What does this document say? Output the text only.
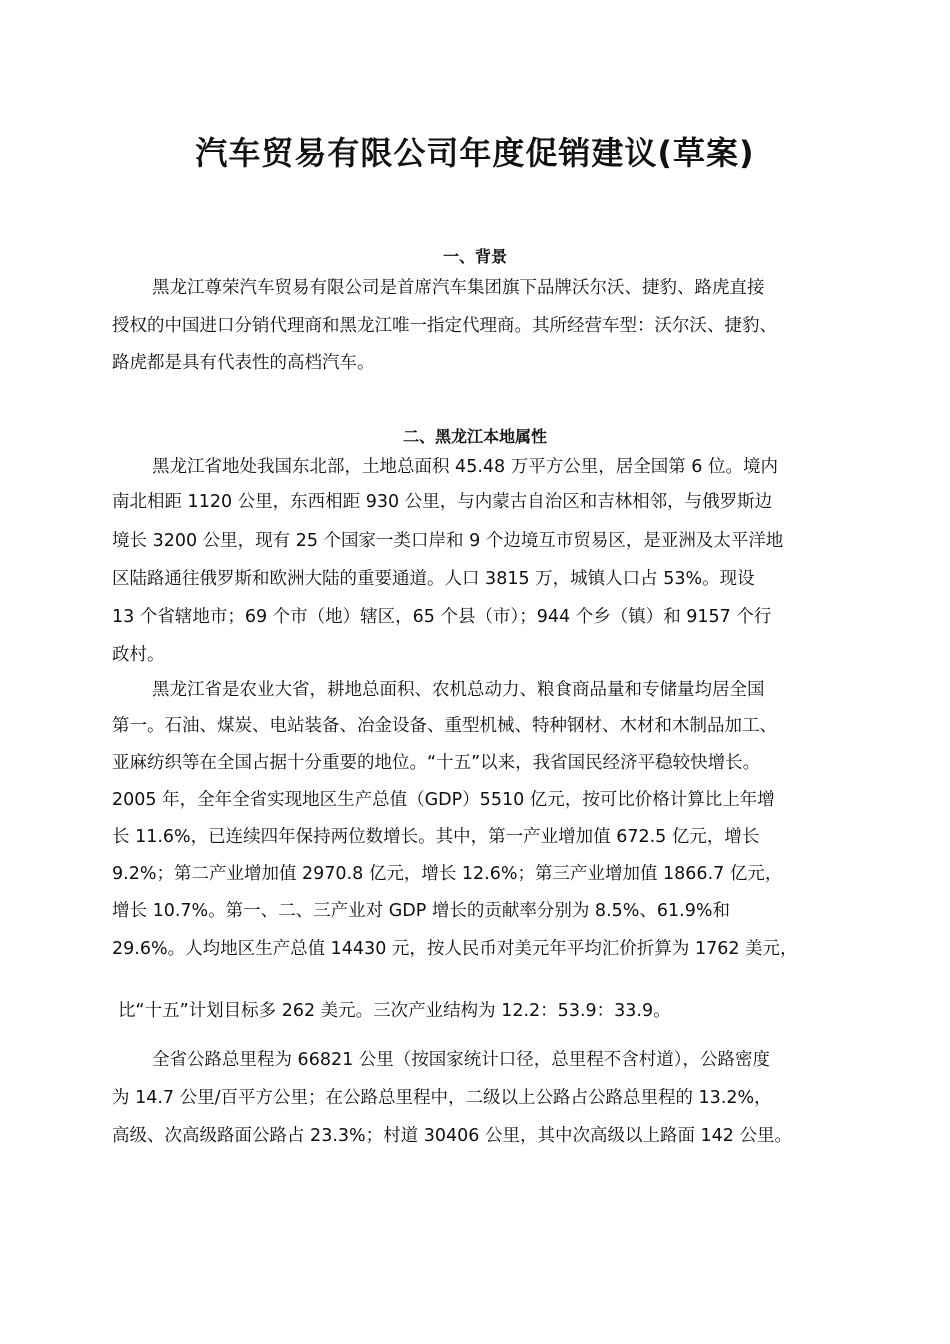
汽车贸易有限公司年度促销建议(草案)
一、背景
黑龙江尊荣汽车贸易有限公司是首席汽车集团旗下品牌沃尔沃、捷豹、路虎直接
授权的中国进口分销代理商和黑龙江唯一指定代理商。其所经营车型：沃尔沃、捷豹、
路虎都是具有代表性的高档汽车。
二、黑龙江本地属性
黑龙江省地处我国东北部，土地总面积 45.48 万平方公里，居全国第 6 位。境内
南北相距 1120 公里，东西相距 930 公里，与内蒙古自治区和吉林相邻，与俄罗斯边
境长 3200 公里，现有 25 个国家一类口岸和 9 个边境互市贸易区，是亚洲及太平洋地
区陆路通往俄罗斯和欧洲大陆的重要通道。人口 3815 万，城镇人口占 53%。现设
13 个省辖地市；69 个市（地）辖区，65 个县（市）；944 个乡（镇）和 9157 个行
政村。
黑龙江省是农业大省，耕地总面积、农机总动力、粮食商品量和专储量均居全国
第一。石油、煤炭、电站装备、冶金设备、重型机械、特种钢材、木材和木制品加工、
亚麻纺织等在全国占据十分重要的地位。“十五”以来，我省国民经济平稳较快增长。
2005 年，全年全省实现地区生产总值（GDP）5510 亿元，按可比价格计算比上年增
长 11.6%，已连续四年保持两位数增长。其中，第一产业增加值 672.5 亿元，增长
9.2%；第二产业增加值 2970.8 亿元，增长 12.6%；第三产业增加值 1866.7 亿元，
增长 10.7%。第一、二、三产业对 GDP 增长的贡献率分别为 8.5%、61.9%和
29.6%。人均地区生产总值 14430 元，按人民币对美元年平均汇价折算为 1762 美元，
比“十五”计划目标多 262 美元。三次产业结构为 12.2：53.9：33.9。
全省公路总里程为 66821 公里（按国家统计口径，总里程不含村道），公路密度
为 14.7 公里/百平方公里；在公路总里程中，二级以上公路占公路总里程的 13.2%，
高级、次高级路面公路占 23.3%；村道 30406 公里，其中次高级以上路面 142 公里。
